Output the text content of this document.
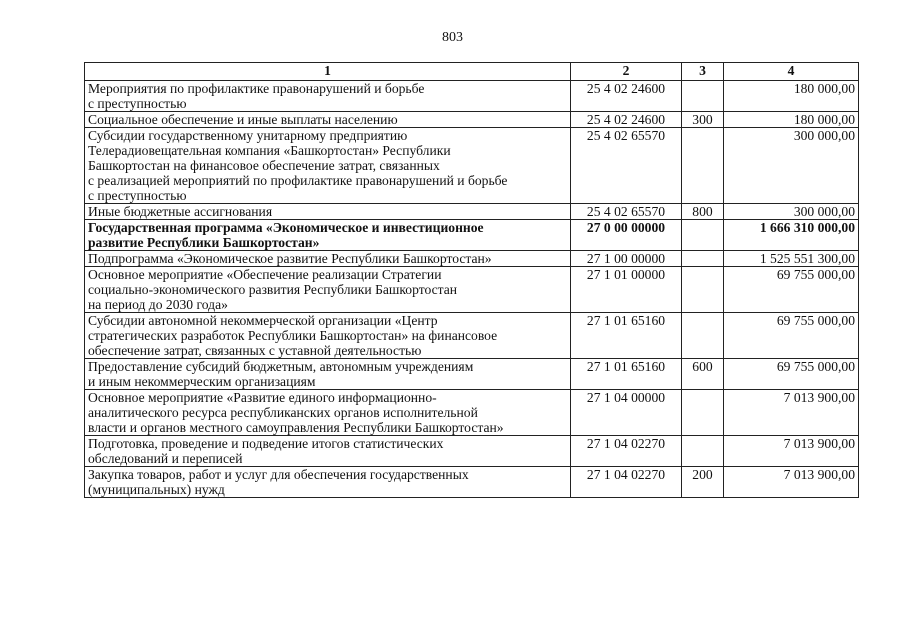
803
1	2	3	4
Мероприятия по профилактике правонарушений и борьбе
с преступностью	25 4 02 24600		180 000,00
Социальное обеспечение и иные выплаты населению	25 4 02 24600	300	180 000,00
Субсидии государственному унитарному предприятию
Телерадиовещательная компания «Башкортостан» Республики
Башкортостан на финансовое обеспечение затрат, связанных
с реализацией мероприятий по профилактике правонарушений и борьбе
с преступностью	25 4 02 65570		300 000,00
Иные бюджетные ассигнования	25 4 02 65570	800	300 000,00
Государственная программа «Экономическое и инвестиционное
развитие Республики Башкортостан»	27 0 00 00000		1 666 310 000,00
Подпрограмма «Экономическое развитие Республики Башкортостан»	27 1 00 00000		1 525 551 300,00
Основное мероприятие «Обеспечение реализации Стратегии
социально-экономического развития Республики Башкортостан
на период до 2030 года»	27 1 01 00000		69 755 000,00
Субсидии автономной некоммерческой организации «Центр
стратегических разработок Республики Башкортостан» на финансовое
обеспечение затрат, связанных с уставной деятельностью	27 1 01 65160		69 755 000,00
Предоставление субсидий бюджетным, автономным учреждениям
и иным некоммерческим организациям	27 1 01 65160	600	69 755 000,00
Основное мероприятие «Развитие единого информационно-
аналитического ресурса республиканских органов исполнительной
власти и органов местного самоуправления Республики Башкортостан»	27 1 04 00000		7 013 900,00
Подготовка, проведение и подведение итогов статистических
обследований и переписей	27 1 04 02270		7 013 900,00
Закупка товаров, работ и услуг для обеспечения государственных
(муниципальных) нужд	27 1 04 02270	200	7 013 900,00
